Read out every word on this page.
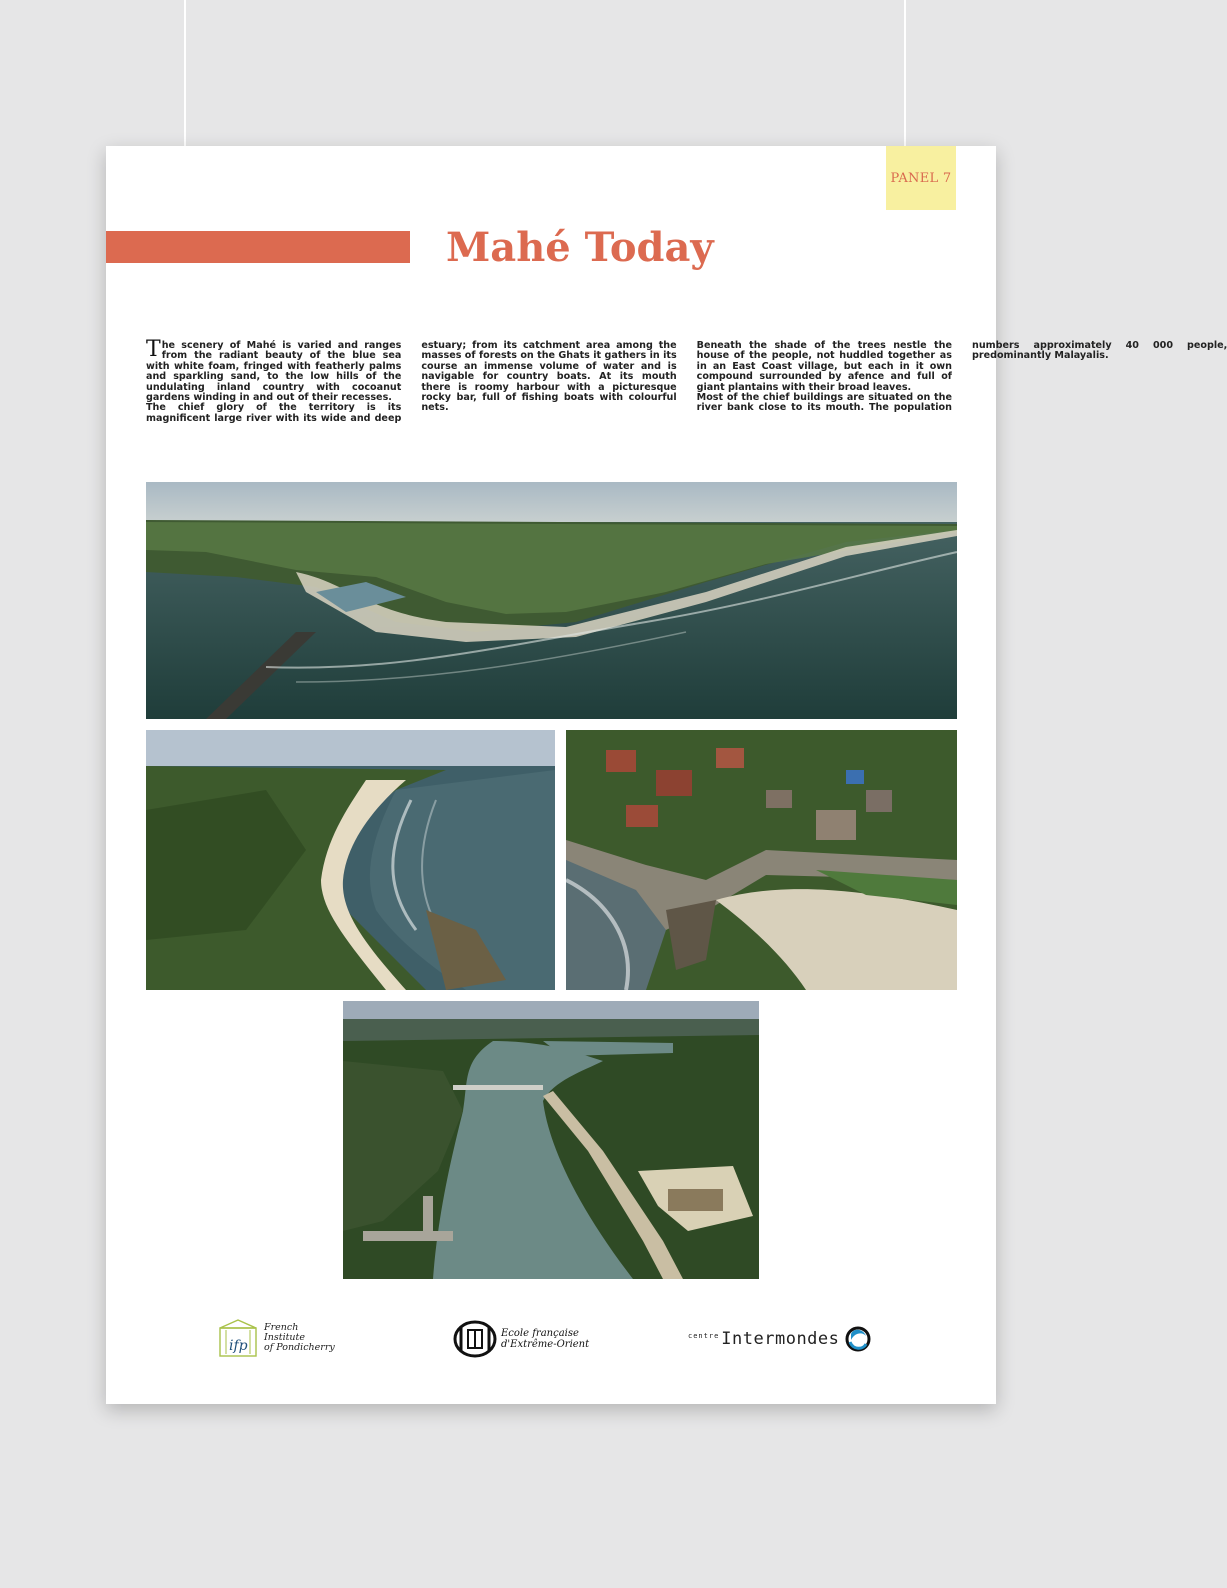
PANEL 7
Mahé Today

The scenery of Mahé is varied and ranges from the radiant beauty of the blue sea with white foam, fringed with featherly palms and sparkling sand, to the low hills of the undulating inland country with cocoanut gardens winding in and out of their recesses.

The chief glory of the territory is its magnificent large river with its wide and deep estuary; from its catchment area among the masses of forests on the Ghats it gathers in its course an immense volume of water and is navigable for country boats. At its mouth there is roomy harbour with a picturesque rocky bar, full of fishing boats with colourful nets.

Beneath the shade of the trees nestle the house of the people, not huddled together as in an East Coast village, but each in it own compound surrounded by afence and full of giant plantains with their broad leaves.

Most of the chief buildings are situated on the river bank close to its mouth. The population numbers approximately 40 000 people, predominantly Malayalis.

ifp
French
Institute
of Pondicherry
Ecole française
d'Extrême-Orient
centre Intermondes
